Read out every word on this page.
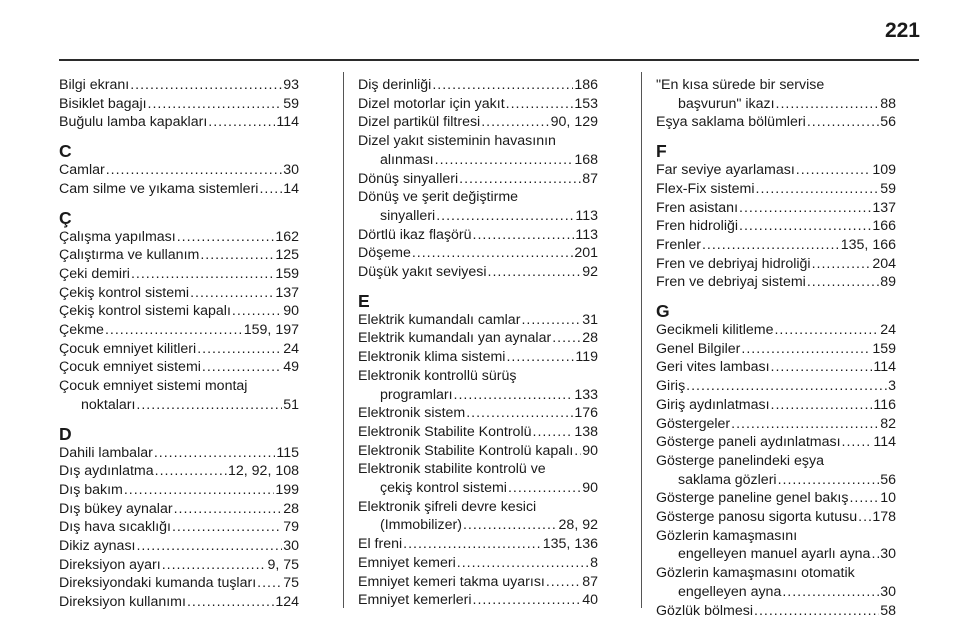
221
Bilgi ekranı .....	93
Bisiklet bagajı .....	59
Buğulu lamba kapakları .....	114
C
Camlar .....	30
Cam silme ve yıkama sistemleri ..... 14
Ç
Çalışma yapılması .....	162
Çalıştırma ve kullanım .....	125
Çeki demiri .....	159
Çekiş kontrol sistemi .....	137
Çekiş kontrol sistemi kapalı .....	90
Çekme .....	159, 197
Çocuk emniyet kilitleri .....	24
Çocuk emniyet sistemi .....	49
Çocuk emniyet sistemi montaj
noktaları .....	51
D
Dahili lambalar .....	115
Dış aydınlatma .....	12, 92, 108
Dış bakım .....	199
Dış bükey aynalar .....	28
Dış hava sıcaklığı .....	79
Dikiz aynası .....	30
Direksiyon ayarı .....	9, 75
Direksiyondaki kumanda tuşları ..... 75
Direksiyon kullanımı .....	124
Diş derinliği .....	186
Dizel motorlar için yakıt .....	153
Dizel partikül filtresi .....	90, 129
Dizel yakıt sisteminin havasının
alınması .....	168
Dönüş sinyalleri .....	87
Dönüş ve şerit değiştirme
sinyalleri .....	113
Dörtlü ikaz flaşörü .....	113
Döşeme .....	201
Düşük yakıt seviyesi .....	92
E
Elektrik kumandalı camlar .....	31
Elektrik kumandalı yan aynalar ..... 28
Elektronik klima sistemi .....	119
Elektronik kontrollü sürüş
programları .....	133
Elektronik sistem .....	176
Elektronik Stabilite Kontrolü .....	138
Elektronik Stabilite Kontrolü kapalı ..... 90
Elektronik stabilite kontrolü ve
çekiş kontrol sistemi .....	90
Elektronik şifreli devre kesici
(Immobilizer) .....	28, 92
El freni .....	135, 136
Emniyet kemeri .....	8
Emniyet kemeri takma uyarısı .....	87
Emniyet kemerleri .....	40
"En kısa sürede bir servise
başvurun" ikazı .....	88
Eşya saklama bölümleri .....	56
F
Far seviye ayarlaması .....	109
Flex-Fix sistemi .....	59
Fren asistanı .....	137
Fren hidroliği .....	166
Frenler .....	135, 166
Fren ve debriyaj hidroliği .....	204
Fren ve debriyaj sistemi .....	89
G
Gecikmeli kilitleme .....	24
Genel Bilgiler .....	159
Geri vites lambası .....	114
Giriş .....	3
Giriş aydınlatması .....	116
Göstergeler .....	82
Gösterge paneli aydınlatması ..... 114
Gösterge panelindeki eşya
saklama gözleri .....	56
Gösterge paneline genel bakış ..... 10
Gösterge panosu sigorta kutusu ..... 178
Gözlerin kamaşmasını
engelleyen manuel ayarlı ayna ..... 30
Gözlerin kamaşmasını otomatik
engelleyen ayna .....	30
Gözlük bölmesi .....	58
